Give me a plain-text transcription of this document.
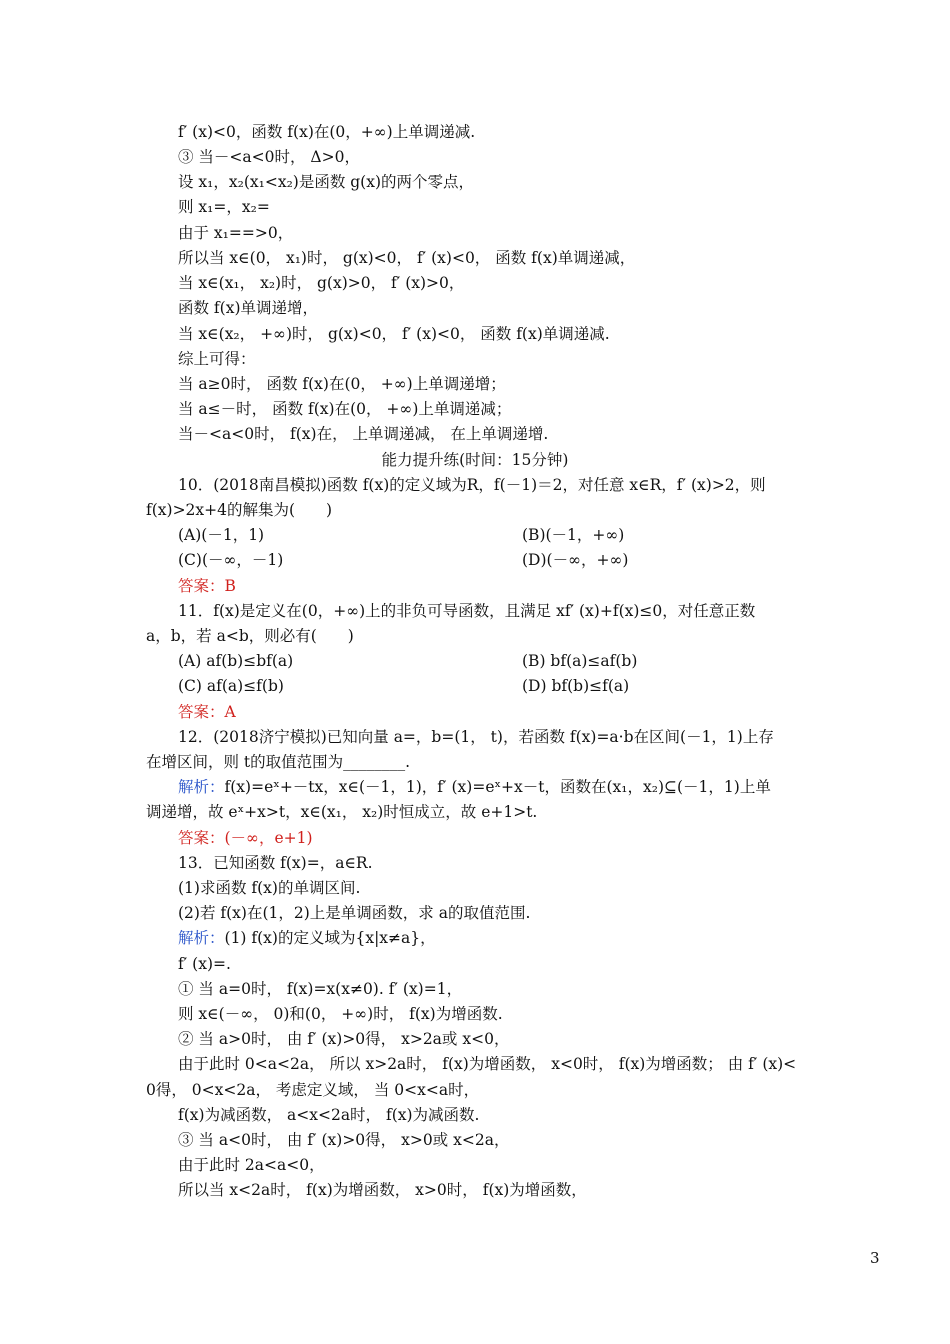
f′ (x)<0，函数 f(x)在(0，+∞)上单调递减.
③ 当－<a<0时， Δ>0，
设 x₁，x₂(x₁<x₂)是函数 g(x)的两个零点，
则 x₁=，x₂=
由于 x₁==>0，
所以当 x∈(0， x₁)时， g(x)<0， f′ (x)<0， 函数 f(x)单调递减，
当 x∈(x₁， x₂)时， g(x)>0， f′ (x)>0，
函数 f(x)单调递增，
当 x∈(x₂， +∞)时， g(x)<0， f′ (x)<0， 函数 f(x)单调递减.
综上可得：
当 a≥0时， 函数 f(x)在(0， +∞)上单调递增；
当 a≤－时， 函数 f(x)在(0， +∞)上单调递减；
当－<a<0时， f(x)在， 上单调递减， 在上单调递增.
能力提升练(时间：15分钟)
10．(2018南昌模拟)函数 f(x)的定义域为R，f(－1)＝2，对任意 x∈R，f′ (x)>2，则
f(x)>2x+4的解集为(　　)
(A)(－1，1)	(B)(－1，+∞)
(C)(－∞，－1)	(D)(－∞，+∞)
答案：B
11．f(x)是定义在(0，+∞)上的非负可导函数，且满足 xf′ (x)+f(x)≤0，对任意正数
a，b，若 a<b，则必有(　　)
(A) af(b)≤bf(a)	(B) bf(a)≤af(b)
(C) af(a)≤f(b)	(D) bf(b)≤f(a)
答案：A
12．(2018济宁模拟)已知向量 a=，b=(1， t)，若函数 f(x)=a·b在区间(－1，1)上存
在增区间，则 t的取值范围为________.
解析：f(x)=eˣ+－tx，x∈(－1，1)，f′ (x)=eˣ+x－t，函数在(x₁，x₂)⊆(－1，1)上单
调递增，故 eˣ+x>t，x∈(x₁， x₂)时恒成立，故 e+1>t.
答案：(－∞，e+1)
13．已知函数 f(x)=，a∈R.
(1)求函数 f(x)的单调区间.
(2)若 f(x)在(1，2)上是单调函数，求 a的取值范围.
解析：(1) f(x)的定义域为{x|x≠a}，
f′ (x)=.
① 当 a=0时， f(x)=x(x≠0). f′ (x)=1，
则 x∈(－∞， 0)和(0， +∞)时， f(x)为增函数.
② 当 a>0时， 由 f′ (x)>0得， x>2a或 x<0，
由于此时 0<a<2a， 所以 x>2a时， f(x)为增函数， x<0时， f(x)为增函数； 由 f′ (x)<
0得， 0<x<2a， 考虑定义域， 当 0<x<a时，
f(x)为减函数， a<x<2a时， f(x)为减函数.
③ 当 a<0时， 由 f′ (x)>0得， x>0或 x<2a，
由于此时 2a<a<0，
所以当 x<2a时， f(x)为增函数， x>0时， f(x)为增函数，
3
